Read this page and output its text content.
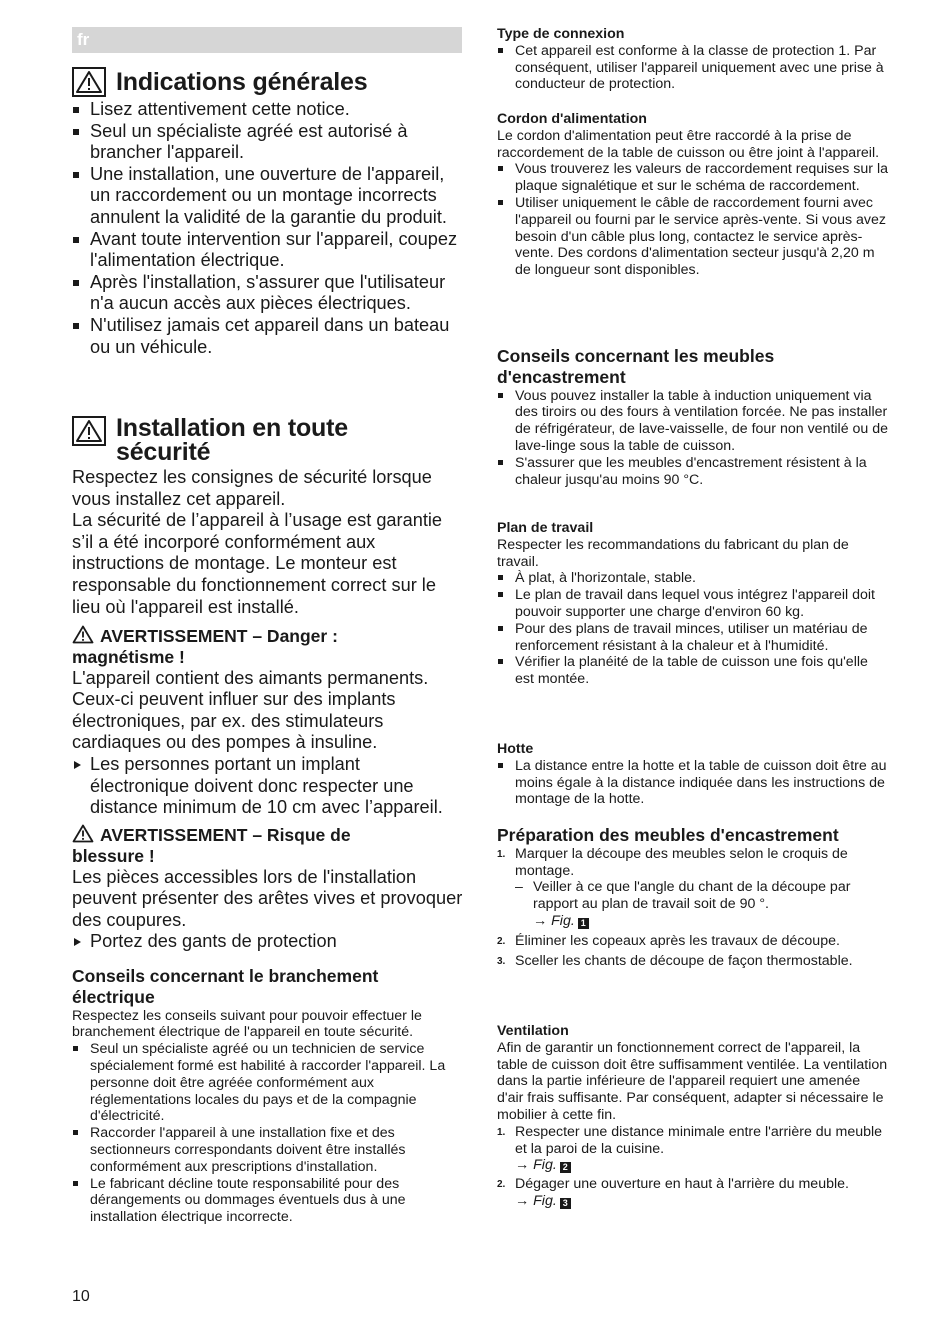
fr
Indications générales
Lisez attentivement cette notice.
Seul un spécialiste agréé est autorisé à brancher l'appareil.
Une installation, une ouverture de l'appareil, un raccordement ou un montage incorrects annulent la validité de la garantie du produit.
Avant toute intervention sur l'appareil, coupez l'alimentation électrique.
Après l'installation, s'assurer que l'utilisateur n'a aucun accès aux pièces électriques.
N'utilisez jamais cet appareil dans un bateau ou un véhicule.
Installation en toute
sécurité

Respectez les consignes de sécurité lorsque vous installez cet appareil.

La sécurité de l’appareil à l’usage est garantie s’il a été incorporé conformément aux instructions de montage. Le monteur est responsable du fonctionnement correct sur le lieu où l'appareil est installé.

AVERTISSEMENT – Danger :
magnétisme !

L'appareil contient des aimants permanents. Ceux-ci peuvent influer sur des implants électroniques, par ex. des stimulateurs cardiaques ou des pompes à insuline.

Les personnes portant un implant électronique doivent donc respecter une distance minimum de 10 cm avec l’appareil.
AVERTISSEMENT – Risque de
blessure !

Les pièces accessibles lors de l'installation peuvent présenter des arêtes vives et provoquer des coupures.

Portez des gants de protection

Conseils concernant le branchement électrique

Respectez les conseils suivant pour pouvoir effectuer le branchement électrique de l'appareil en toute sécurité.

Seul un spécialiste agréé ou un technicien de service spécialement formé est habilité à raccorder l'appareil. La personne doit être agréée conformément aux réglementations locales du pays et de la compagnie d'électricité.
Raccorder l'appareil à une installation fixe et des sectionneurs correspondants doivent être installés conformément aux prescriptions d'installation.
Le fabricant décline toute responsabilité pour des dérangements ou dommages éventuels dus à une installation électrique incorrecte.

Type de connexion

Cet appareil est conforme à la classe de protection 1. Par conséquent, utiliser l'appareil uniquement avec une prise à conducteur de protection.

Cordon d'alimentation

Le cordon d'alimentation peut être raccordé à la prise de raccordement de la table de cuisson ou être joint à l'appareil.

Vous trouverez les valeurs de raccordement requises sur la plaque signalétique et sur le schéma de raccordement.
Utiliser uniquement le câble de raccordement fourni avec l'appareil ou fourni par le service après-vente. Si vous avez besoin d'un câble plus long, contactez le service après-vente. Des cordons d'alimentation secteur jusqu'à 2,20 m de longueur sont disponibles.

Conseils concernant les meubles
d'encastrement

Vous pouvez installer la table à induction uniquement via des tiroirs ou des fours à ventilation forcée. Ne pas installer de réfrigérateur, de lave-vaisselle, de four non ventilé ou de lave-linge sous la table de cuisson.
S'assurer que les meubles d'encastrement résistent à la chaleur jusqu'au moins 90 °C.

Plan de travail

Respecter les recommandations du fabricant du plan de travail.

À plat, à l'horizontale, stable.
Le plan de travail dans lequel vous intégrez l'appareil doit pouvoir supporter une charge d'environ 60 kg.
Pour des plans de travail minces, utiliser un matériau de renforcement résistant à la chaleur et à l'humidité.
Vérifier la planéité de la table de cuisson une fois qu'elle est montée.

Hotte

La distance entre la hotte et la table de cuisson doit être au moins égale à la distance indiquée dans les instructions de montage de la hotte.

Préparation des meubles d'encastrement

1. Marquer la découpe des meubles selon le croquis de montage.
– Veiller à ce que l'angle du chant de la découpe par rapport au plan de travail soit de 90 °.
→ Fig. 1
2. Éliminer les copeaux après les travaux de découpe.
3. Sceller les chants de découpe de façon thermostable.

Ventilation

Afin de garantir un fonctionnement correct de l'appareil, la table de cuisson doit être suffisamment ventilée. La ventilation dans la partie inférieure de l'appareil requiert une amenée d'air frais suffisante. Par conséquent, adapter si nécessaire le mobilier à cette fin.

1. Respecter une distance minimale entre l'arrière du meuble et la paroi de la cuisine.
→ Fig. 2
2. Dégager une ouverture en haut à l'arrière du meuble.
→ Fig. 3
10
